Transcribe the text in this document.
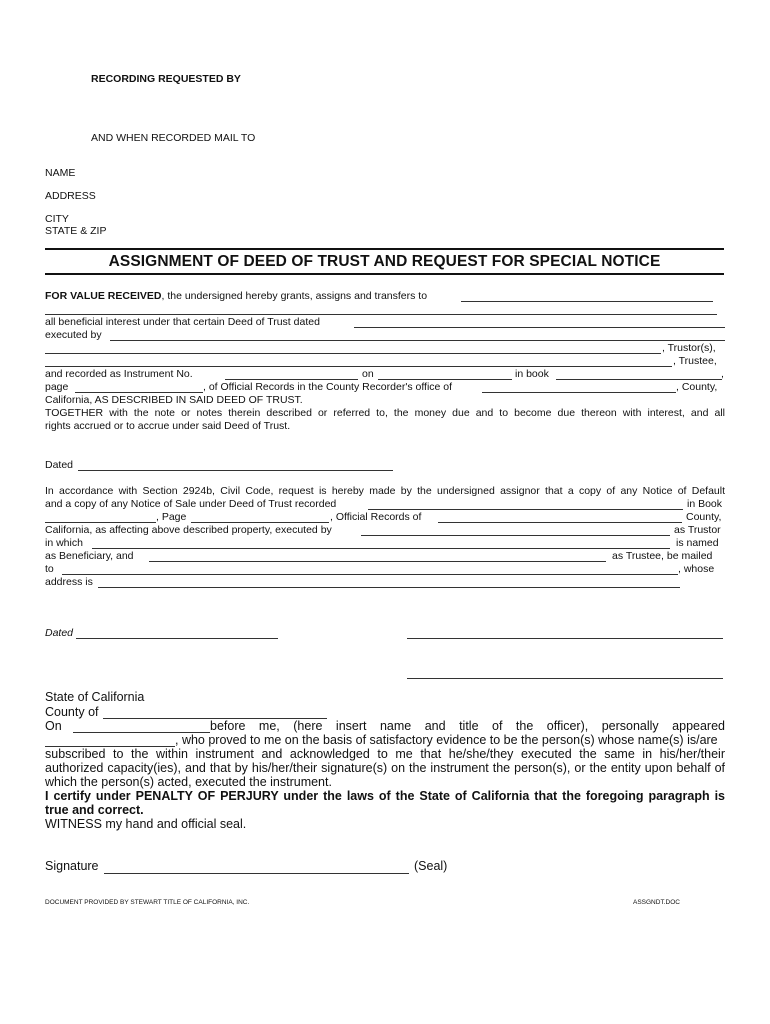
RECORDING REQUESTED BY
AND WHEN RECORDED MAIL TO
NAME
ADDRESS
CITY
STATE & ZIP
ASSIGNMENT OF DEED OF TRUST AND REQUEST FOR SPECIAL NOTICE
FOR VALUE RECEIVED, the undersigned hereby grants, assigns and transfers to
all beneficial interest under that certain Deed of Trust dated
executed by
, Trustor(s),
, Trustee,
and recorded as Instrument No.	on	in book	,
page	, of Official Records in the County Recorder's office of	, County,
California, AS DESCRIBED IN SAID DEED OF TRUST.
TOGETHER with the note or notes therein described or referred to, the money due and to become due thereon with interest, and all
rights accrued or to accrue under said Deed of Trust.
Dated
In accordance with Section 2924b, Civil Code, request is hereby made by the undersigned assignor that a copy of any Notice of Default
and a copy of any Notice of Sale under Deed of Trust recorded	in Book
, Page	, Official Records of	County,
California, as affecting above described property, executed by	as Trustor
in which	is named
as Beneficiary, and	as Trustee, be mailed
to	, whose
address is
Dated
State of California
County of
On	before me, (here insert name and title of the officer), personally appeared
, who proved to me on the basis of satisfactory evidence to be the person(s) whose name(s) is/are
subscribed to the within instrument and acknowledged to me that he/she/they executed the same in his/her/their
authorized capacity(ies), and that by his/her/their signature(s) on the instrument the person(s), or the entity upon behalf of
which the person(s) acted, executed the instrument.
I certify under PENALTY OF PERJURY under the laws of the State of California that the foregoing paragraph is
true and correct.
WITNESS my hand and official seal.
Signature	(Seal)
DOCUMENT PROVIDED BY STEWART TITLE OF CALIFORNIA, INC.	ASSGNDT.DOC
